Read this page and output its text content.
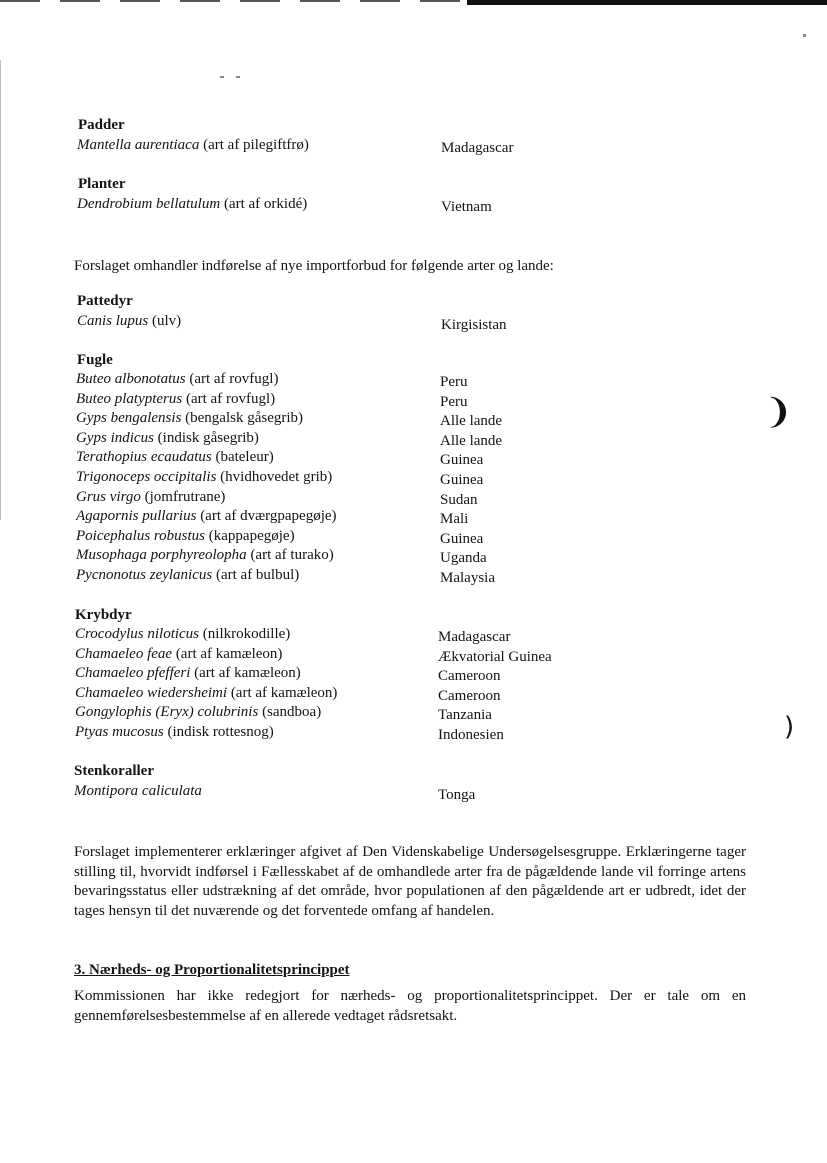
❩
)
Padder
Mantella aurentiaca (art af pilegiftfrø)	Madagascar
Planter
Dendrobium bellatulum (art af orkidé)	Vietnam
Forslaget omhandler indførelse af nye importforbud for følgende arter og lande:
Pattedyr
Canis lupus (ulv)	Kirgisistan
Fugle
Buteo albonotatus (art af rovfugl)	Peru
Buteo platypterus (art af rovfugl)	Peru
Gyps bengalensis (bengalsk gåsegrib)	Alle lande
Gyps indicus (indisk gåsegrib)	Alle lande
Terathopius ecaudatus (bateleur)	Guinea
Trigonoceps occipitalis (hvidhovedet grib)	Guinea
Grus virgo (jomfrutrane)	Sudan
Agapornis pullarius (art af dværgpapegøje)	Mali
Poicephalus robustus (kappapegøje)	Guinea
Musophaga porphyreolopha (art af turako)	Uganda
Pycnonotus zeylanicus (art af bulbul)	Malaysia
Krybdyr
Crocodylus niloticus (nilkrokodille)	Madagascar
Chamaeleo feae (art af kamæleon)	Ækvatorial Guinea
Chamaeleo pfefferi (art af kamæleon)	Cameroon
Chamaeleo wiedersheimi (art af kamæleon)	Cameroon
Gongylophis (Eryx) colubrinis (sandboa)	Tanzania
Ptyas mucosus (indisk rottesnog)	Indonesien
Stenkoraller
Montipora caliculata	Tonga
Forslaget implementerer erklæringer afgivet af Den Videnskabelige Undersøgelsesgruppe. Erklæringerne tager stilling til, hvorvidt indførsel i Fællesskabet af de omhandlede arter fra de pågældende lande vil forringe artens bevaringsstatus eller udstrækning af det område, hvor populationen af den pågældende art er udbredt, idet der tages hensyn til det nuværende og det forventede omfang af handelen.
3. Nærheds- og Proportionalitetsprincippet
Kommissionen har ikke redegjort for nærheds- og proportionalitetsprincippet. Der er tale om en gennemførelsesbestemmelse af en allerede vedtaget rådsretsakt.
